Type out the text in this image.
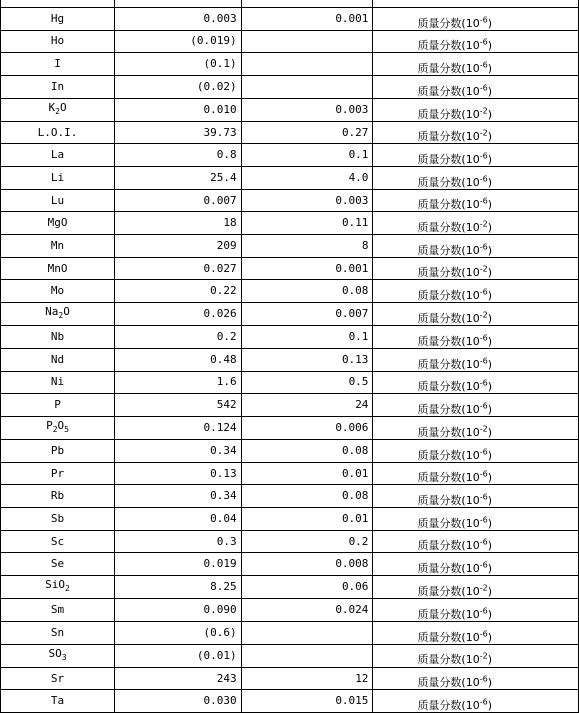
Hg	0.003	0.001	质量分数$(10^{-6})$
Ho	(0.019)		质量分数$(10^{-6})$
I	(0.1)		质量分数$(10^{-6})$
In	(0.02)		质量分数$(10^{-6})$
$K_2O$	0.010	0.003	质量分数$(10^{-2})$
L.O.I.	39.73	0.27	质量分数$(10^{-2})$
La	0.8	0.1	质量分数$(10^{-6})$
Li	25.4	4.0	质量分数$(10^{-6})$
Lu	0.007	0.003	质量分数$(10^{-6})$
MgO	18	0.11	质量分数$(10^{-2})$
Mn	209	8	质量分数$(10^{-6})$
MnO	0.027	0.001	质量分数$(10^{-2})$
Mo	0.22	0.08	质量分数$(10^{-6})$
$Na_2O$	0.026	0.007	质量分数$(10^{-2})$
Nb	0.2	0.1	质量分数$(10^{-6})$
Nd	0.48	0.13	质量分数$(10^{-6})$
Ni	1.6	0.5	质量分数$(10^{-6})$
P	542	24	质量分数$(10^{-6})$
$P_2O_5$	0.124	0.006	质量分数$(10^{-2})$
Pb	0.34	0.08	质量分数$(10^{-6})$
Pr	0.13	0.01	质量分数$(10^{-6})$
Rb	0.34	0.08	质量分数$(10^{-6})$
Sb	0.04	0.01	质量分数$(10^{-6})$
Sc	0.3	0.2	质量分数$(10^{-6})$
Se	0.019	0.008	质量分数$(10^{-6})$
SiO$_2$	8.25	0.06	质量分数$(10^{-2})$
Sm	0.090	0.024	质量分数$(10^{-6})$
Sn	(0.6)		质量分数$(10^{-6})$
$SO_3$	(0.01)		质量分数$(10^{-2})$
Sr	243	12	质量分数$(10^{-6})$
Ta	0.030	0.015	质量分数$(10^{-6})$
